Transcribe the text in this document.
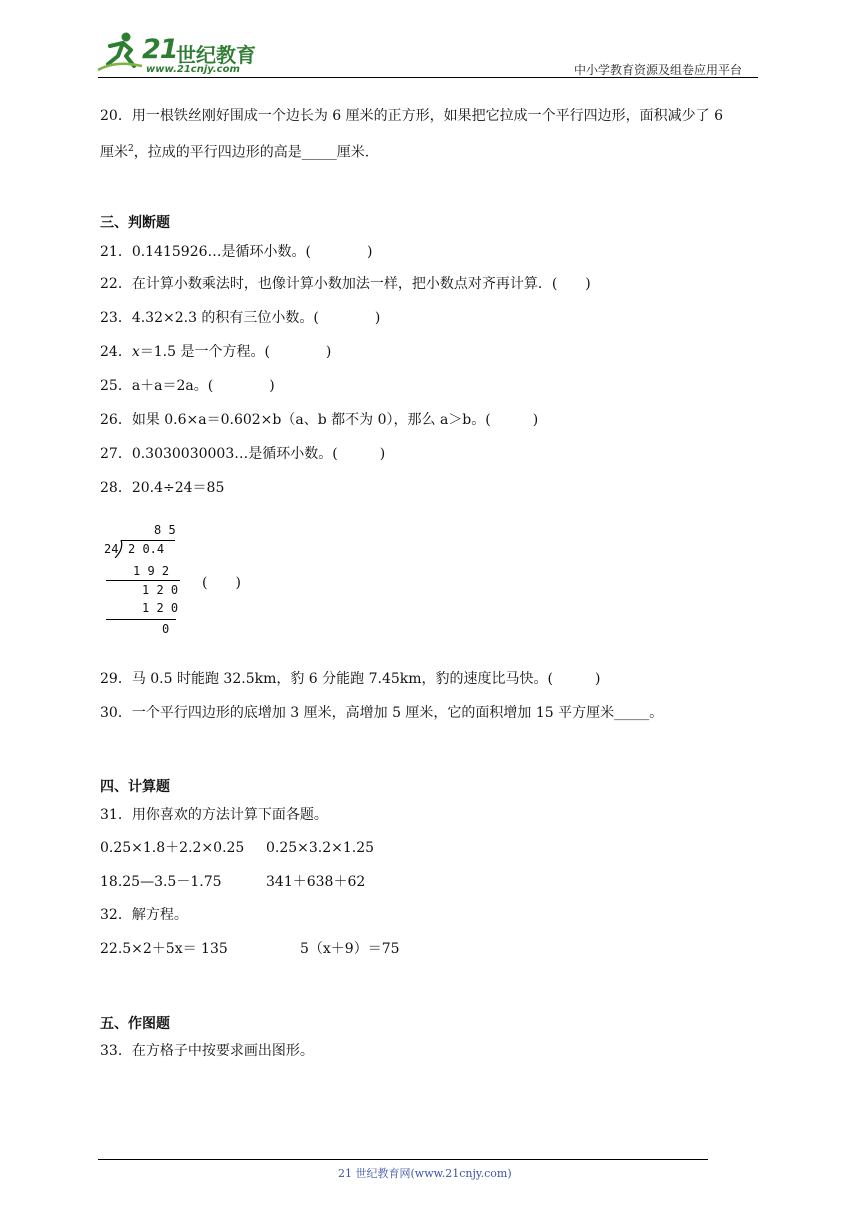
21
世纪教育
www.21cnjy.com	中小学教育资源及组卷应用平台
20．用一根铁丝刚好围成一个边长为 6 厘米的正方形，如果把它拉成一个平行四边形，面积减少了 6
厘米$^2$，拉成的平行四边形的高是_____厘米.
三、判断题
21．0.1415926…是循环小数。(　　　　)
22．在计算小数乘法时，也像计算小数加法一样，把小数点对齐再计算．(　　)
23．4.32×2.3 的积有三位小数。(　　　　)
24．x＝1.5 是一个方程。(　　　　)
25．a＋a＝2a。(　　　　)
26．如果 0.6×a＝0.602×b（a、b 都不为 0），那么 a＞b。(　　　)
27．0.3030030003…是循环小数。(　　　)
28．20.4÷24＝85
8 5
24 2 0.4
1 9 2
1 2 0
1 2 0
0
(　　)
29．马 0.5 时能跑 32.5km，豹 6 分能跑 7.45km，豹的速度比马快。(　　　)
30．一个平行四边形的底增加 3 厘米，高增加 5 厘米，它的面积增加 15 平方厘米_____。
四、计算题
31．用你喜欢的方法计算下面各题。
0.25×1.8＋2.2×0.25 0.25×3.2×1.25
18.25—3.5－1.75	341＋638＋62
32．解方程。
22.5×2＋5x＝ 135	5（x＋9）＝75
五、作图题
33．在方格子中按要求画出图形。
21 世纪教育网(www.21cnjy.com)
